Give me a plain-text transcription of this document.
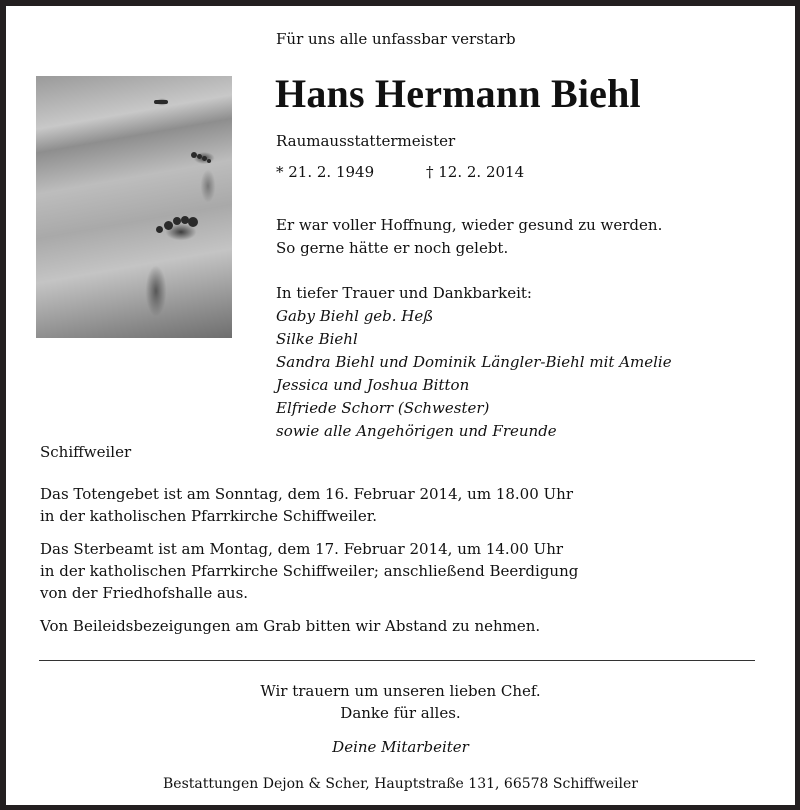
Für uns alle unfassbar verstarb
Hans Hermann Biehl
Raumausstattermeister
* 21. 2. 1949	† 12. 2. 2014
Er war voller Hoffnung, wieder gesund zu werden.
So gerne hätte er noch gelebt.
In tiefer Trauer und Dankbarkeit:
Gaby Biehl geb. Heß
Silke Biehl
Sandra Biehl und Dominik Längler-Biehl mit Amelie
Jessica und Joshua Bitton
Elfriede Schorr (Schwester)
sowie alle Angehörigen und Freunde
Schiffweiler

Das Totengebet ist am Sonntag, dem 16. Februar 2014, um 18.00 Uhr
in der katholischen Pfarrkirche Schiffweiler.

Das Sterbeamt ist am Montag, dem 17. Februar 2014, um 14.00 Uhr
in der katholischen Pfarrkirche Schiffweiler; anschließend Beerdigung
von der Friedhofshalle aus.

Von Beileidsbezeigungen am Grab bitten wir Abstand zu nehmen.

Wir trauern um unseren lieben Chef.
Danke für alles.
Deine Mitarbeiter
Bestattungen Dejon & Scher, Hauptstraße 131, 66578 Schiffweiler
